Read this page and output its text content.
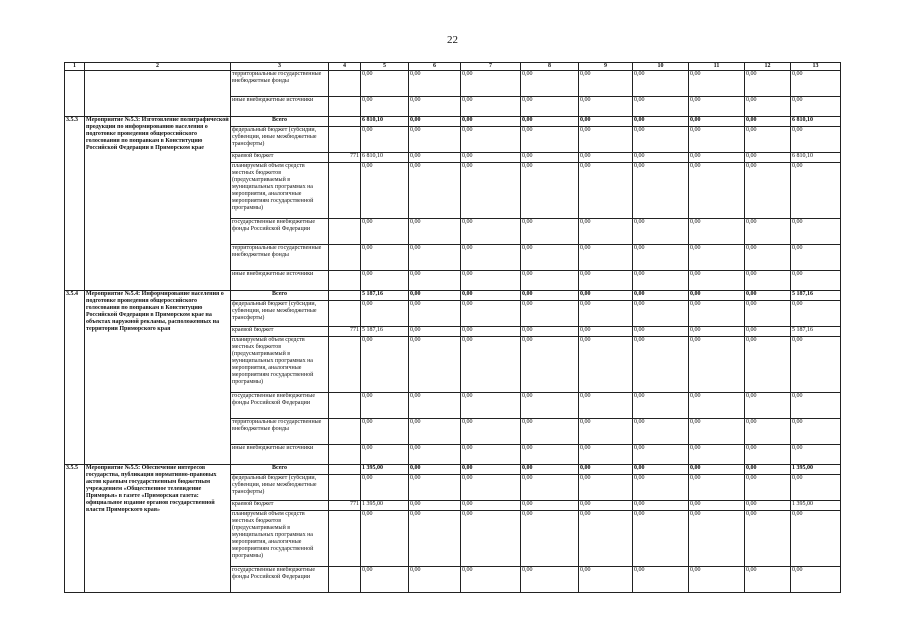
22
1	2	3	4	5	6	7	8	9	10	11	12	13
		территориальные государственные внебюджетные фонды		0,00	0,00	0,00	0,00	0,00	0,00	0,00	0,00	0,00
		иные внебюджетные источники		0,00	0,00	0,00	0,00	0,00	0,00	0,00	0,00	0,00
3.5.3	Мероприятие №5.3: Изготовление полиграфической продукции по информированию населения о подготовке проведения общероссийского голосования по поправкам в Конституцию Российской Федерации в Приморском крае	Всего		6 810,10	0,00	0,00	0,00	0,00	0,00	0,00	0,00	6 810,10
		федеральный бюджет (субсидии, субвенции, иные межбюджетные трансферты)		0,00	0,00	0,00	0,00	0,00	0,00	0,00	0,00	0,00
		краевой бюджет	771	6 810,10	0,00	0,00	0,00	0,00	0,00	0,00	0,00	6 810,10
		планируемый объем средств местных бюджетов (предусматриваемый в муниципальных программах на мероприятия, аналогичные мероприятиям государственной программы)		0,00	0,00	0,00	0,00	0,00	0,00	0,00	0,00	0,00
		государственные внебюджетные фонды Российской Федерации		0,00	0,00	0,00	0,00	0,00	0,00	0,00	0,00	0,00
		территориальные государственные внебюджетные фонды		0,00	0,00	0,00	0,00	0,00	0,00	0,00	0,00	0,00
		иные внебюджетные источники		0,00	0,00	0,00	0,00	0,00	0,00	0,00	0,00	0,00
3.5.4	Мероприятие №5.4: Информирование населения о подготовке проведения общероссийского голосования по поправкам в Конституцию Российской Федерации в Приморском крае на объектах наружной рекламы, расположенных на территории Приморского края	Всего		5 187,16	0,00	0,00	0,00	0,00	0,00	0,00	0,00	5 187,16
		федеральный бюджет (субсидии, субвенции, иные межбюджетные трансферты)		0,00	0,00	0,00	0,00	0,00	0,00	0,00	0,00	0,00
		краевой бюджет	771	5 187,16	0,00	0,00	0,00	0,00	0,00	0,00	0,00	5 187,16
		планируемый объем средств местных бюджетов (предусматриваемый в муниципальных программах на мероприятия, аналогичные мероприятиям государственной программы)		0,00	0,00	0,00	0,00	0,00	0,00	0,00	0,00	0,00
		государственные внебюджетные фонды Российской Федерации		0,00	0,00	0,00	0,00	0,00	0,00	0,00	0,00	0,00
		территориальные государственные внебюджетные фонды		0,00	0,00	0,00	0,00	0,00	0,00	0,00	0,00	0,00
		иные внебюджетные источники		0,00	0,00	0,00	0,00	0,00	0,00	0,00	0,00	0,00
3.5.5	Мероприятие №5.5: Обеспечение интересов государства, публикация нормативно-правовых актов краевым государственным бюджетным учреждением «Общественное телевидение Приморья» в газете «Приморская газета: официальное издание органов государственной власти Приморского края»	Всего		1 395,00	0,00	0,00	0,00	0,00	0,00	0,00	0,00	1 395,00
		федеральный бюджет (субсидии, субвенции, иные межбюджетные трансферты)		0,00	0,00	0,00	0,00	0,00	0,00	0,00	0,00	0,00
		краевой бюджет	771	1 395,00	0,00	0,00	0,00	0,00	0,00	0,00	0,00	1 395,00
		планируемый объем средств местных бюджетов (предусматриваемый в муниципальных программах на мероприятия, аналогичные мероприятиям государственной программы)		0,00	0,00	0,00	0,00	0,00	0,00	0,00	0,00	0,00
		государственные внебюджетные фонды Российской Федерации		0,00	0,00	0,00	0,00	0,00	0,00	0,00	0,00	0,00
